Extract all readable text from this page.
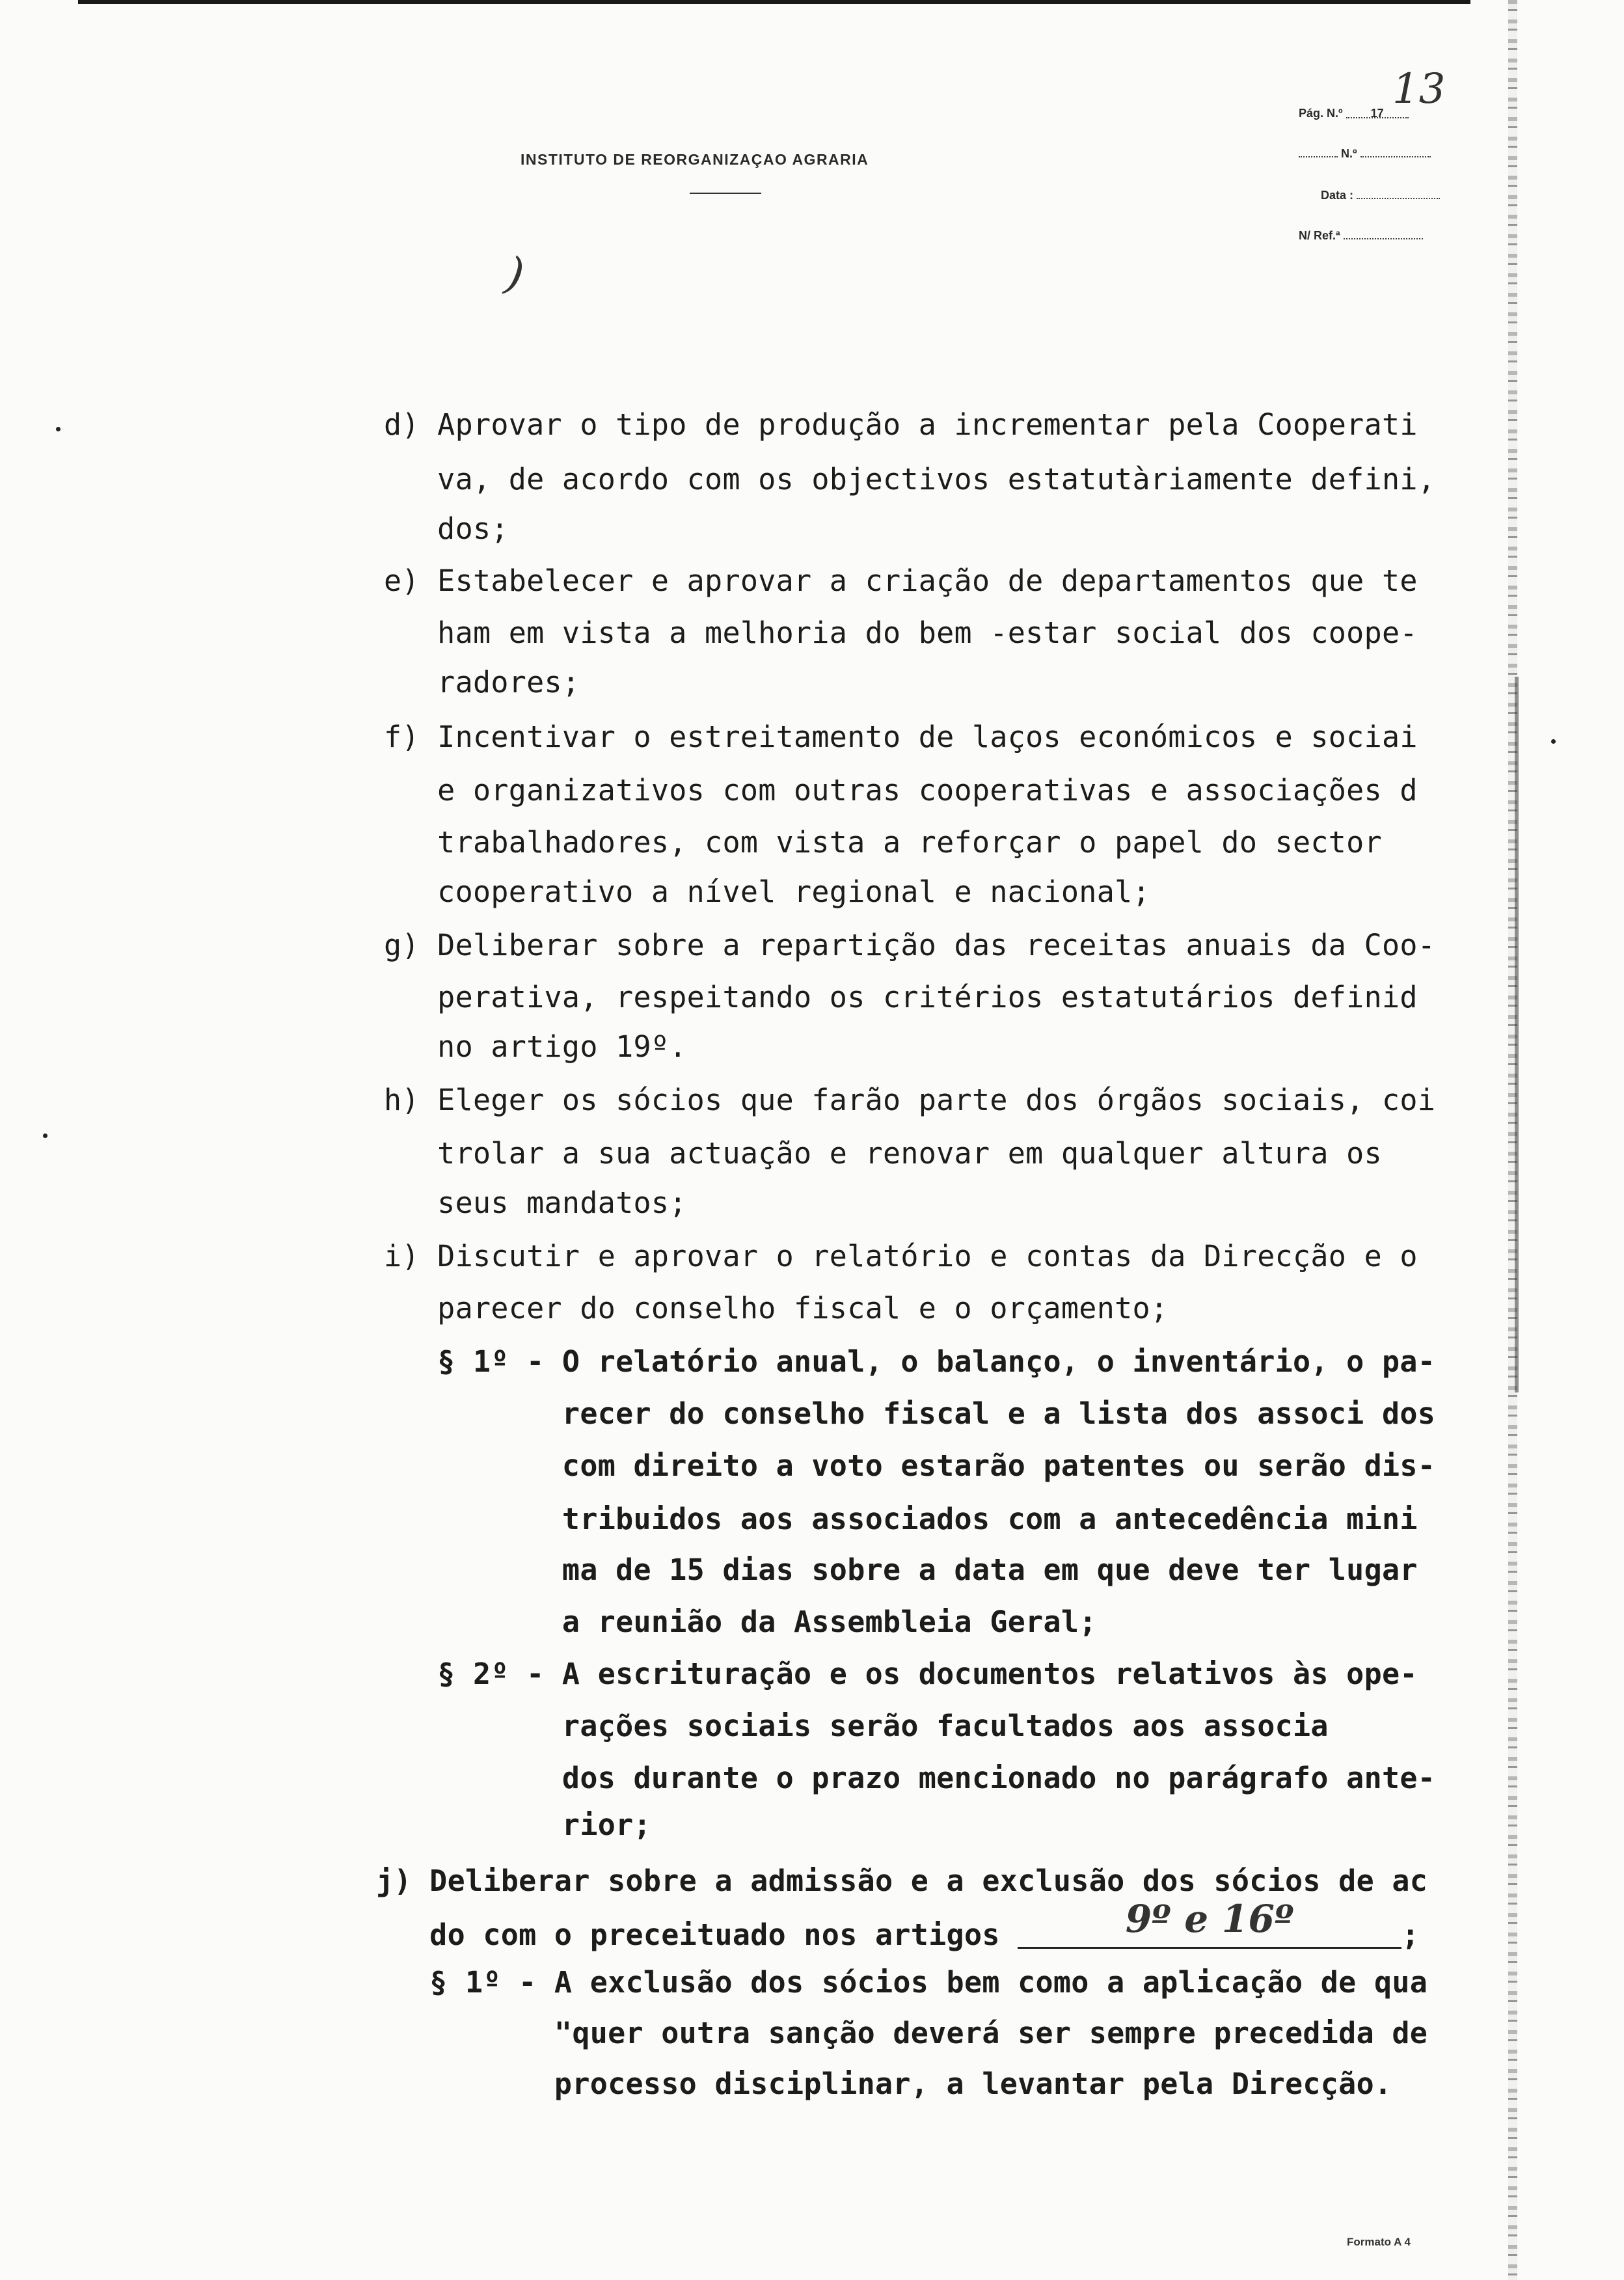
INSTITUTO DE REORGANIZAÇAO AGRARIA
Pág. N.º 17 13
N.º
Data :
N/ Ref.ª
)
d) Aprovar o tipo de produção a incrementar pela Cooperati
va, de acordo com os objectivos estatutàriamente defini,
dos;
e) Estabelecer e aprovar a criação de departamentos que te
ham em vista a melhoria do bem -estar social dos coope-
radores;
f) Incentivar o estreitamento de laços económicos e sociai
e organizativos com outras cooperativas e associações d
trabalhadores, com vista a reforçar o papel do sector
cooperativo a nível regional e nacional;
g) Deliberar sobre a repartição das receitas anuais da Coo-
perativa, respeitando os critérios estatutários definid
no artigo 19º.
h) Eleger os sócios que farão parte dos órgãos sociais, coi
trolar a sua actuação e renovar em qualquer altura os
seus mandatos;
i) Discutir e aprovar o relatório e contas da Direcção e o
parecer do conselho fiscal e o orçamento;
§ 1º - O relatório anual, o balanço, o inventário, o pa-
recer do conselho fiscal e a lista dos associ dos
com direito a voto estarão patentes ou serão dis-
tribuidos aos associados com a antecedência mini
ma de 15 dias sobre a data em que deve ter lugar
a reunião da Assembleia Geral;
§ 2º - A escrituração e os documentos relativos às ope-
rações sociais serão facultados aos associa
dos durante o prazo mencionado no parágrafo ante-
rior;
j) Deliberar sobre a admissão e a exclusão dos sócios de ac
do com o preceituado nos artigos	9º e 16º	;
§ 1º - A exclusão dos sócios bem como a aplicação de qua
"quer outra sanção deverá ser sempre precedida de
processo disciplinar, a levantar pela Direcção.
Formato A 4
